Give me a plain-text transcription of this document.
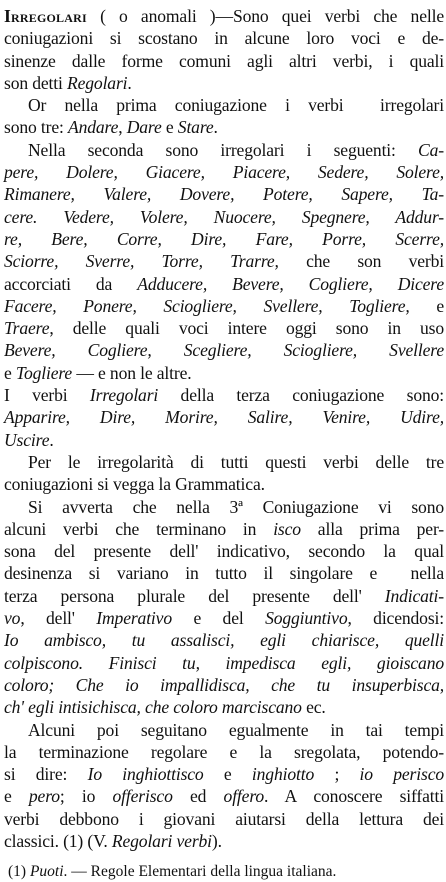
Irregolari ( o anomali )—Sono quei verbi che nelle
coniugazioni si scostano in alcune loro voci e de-
sinenze dalle forme comuni agli altri verbi, i quali
son detti Regolari.
Or nella prima coniugazione i verbi  irregolari
sono tre: Andare, Dare e Stare.
Nella seconda sono irregolari i seguenti: Ca-
pere, Dolere, Giacere, Piacere, Sedere, Solere,
Rimanere, Valere, Dovere, Potere, Sapere, Ta-
cere. Vedere, Volere, Nuocere, Spegnere, Addur-
re, Bere, Corre, Dire, Fare, Porre, Scerre,
Sciorre, Sverre, Torre, Trarre, che son verbi
accorciati da Adducere, Bevere, Cogliere, Dicere
Facere, Ponere, Sciogliere, Svellere, Togliere, e
Traere, delle quali voci intere oggi sono in uso
Bevere, Cogliere, Scegliere, Sciogliere, Svellere
e Togliere — e non le altre.
I verbi Irregolari della terza coniugazione sono:
Apparire, Dire, Morire, Salire, Venire, Udire,
Uscire.
Per le irregolarità di tutti questi verbi delle tre
coniugazioni si vegga la Grammatica.
Si avverta che nella 3ª Coniugazione vi sono
alcuni verbi che terminano in isco alla prima per-
sona del presente dell' indicativo, secondo la qual
desinenza si variano in tutto il singolare e  nella
terza persona plurale del presente dell' Indicati-
vo, dell' Imperativo e del Soggiuntivo, dicendosi:
Io ambisco, tu assalisci, egli chiarisce, quelli
colpiscono. Finisci tu, impedisca egli, gioiscano
coloro; Che io impallidisca, che tu insuperbisca,
ch' egli intisichisca, che coloro marciscano ec.
Alcuni poi seguitano egualmente in tai tempi
la terminazione regolare e la sregolata, potendo-
si dire: Io inghiottisco e inghiotto ; io perisco
e pero; io offerisco ed offero. A conoscere siffatti
verbi debbono i giovani aiutarsi della lettura dei
classici. (1) (V. Regolari verbi).
(1) Puoti. — Regole Elementari della lingua italiana.
